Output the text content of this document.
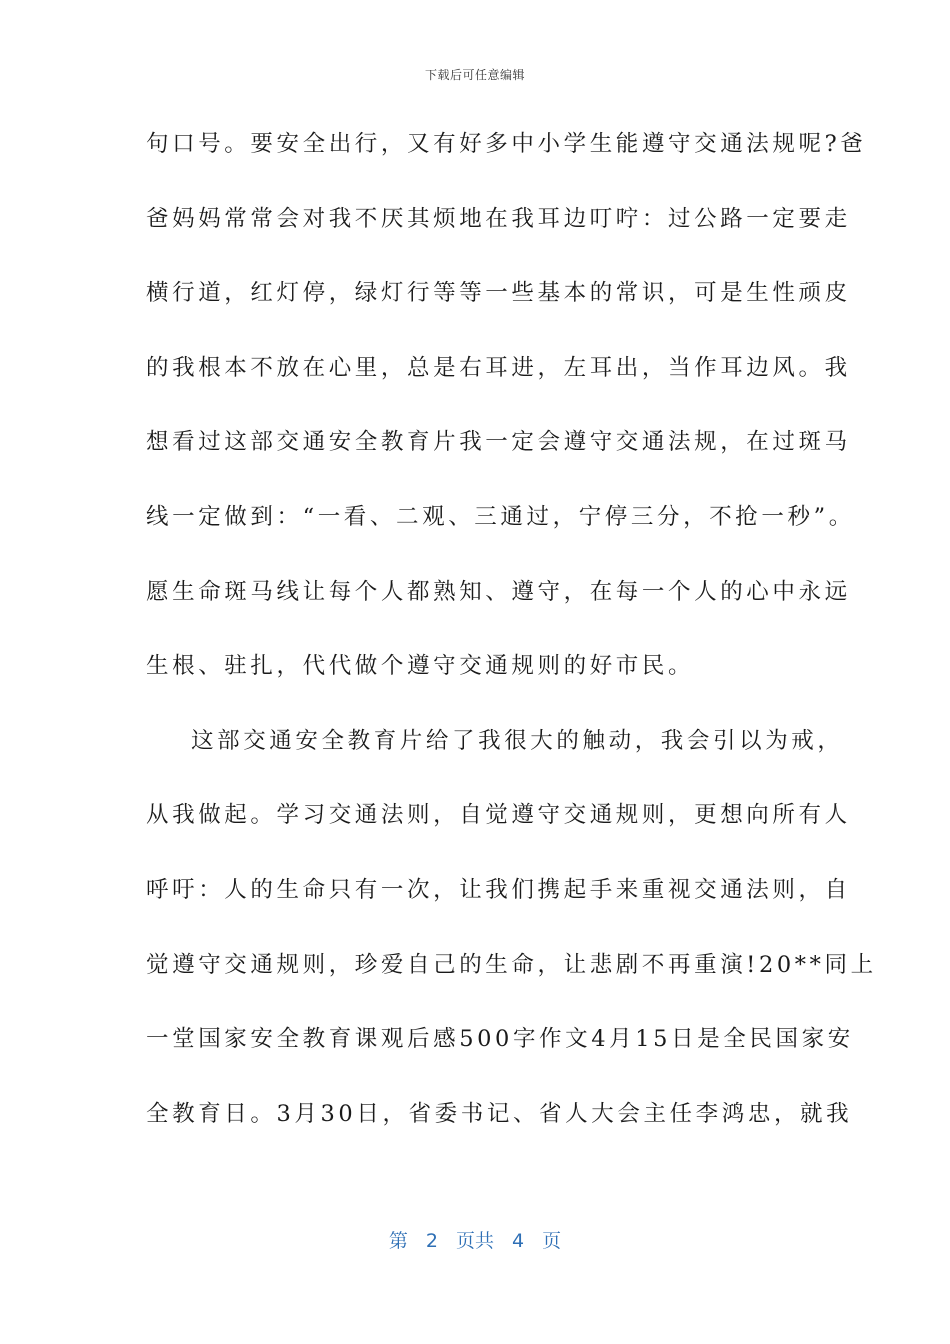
下载后可任意编辑
句口号。要安全出行，又有好多中小学生能遵守交通法规呢?爸
爸妈妈常常会对我不厌其烦地在我耳边叮咛：过公路一定要走
横行道，红灯停，绿灯行等等一些基本的常识，可是生性顽皮
的我根本不放在心里，总是右耳进，左耳出，当作耳边风。我
想看过这部交通安全教育片我一定会遵守交通法规，在过斑马
线一定做到：“一看、二观、三通过，宁停三分，不抢一秒”。
愿生命斑马线让每个人都熟知、遵守，在每一个人的心中永远
生根、驻扎，代代做个遵守交通规则的好市民。
这部交通安全教育片给了我很大的触动，我会引以为戒，
从我做起。学习交通法则，自觉遵守交通规则，更想向所有人
呼吁：人的生命只有一次，让我们携起手来重视交通法则，自
觉遵守交通规则，珍爱自己的生命，让悲剧不再重演!20**同上
一堂国家安全教育课观后感500字作文4月15日是全民国家安
全教育日。3月30日，省委书记、省人大会主任李鸿忠，就我
第 2 页共 4 页
